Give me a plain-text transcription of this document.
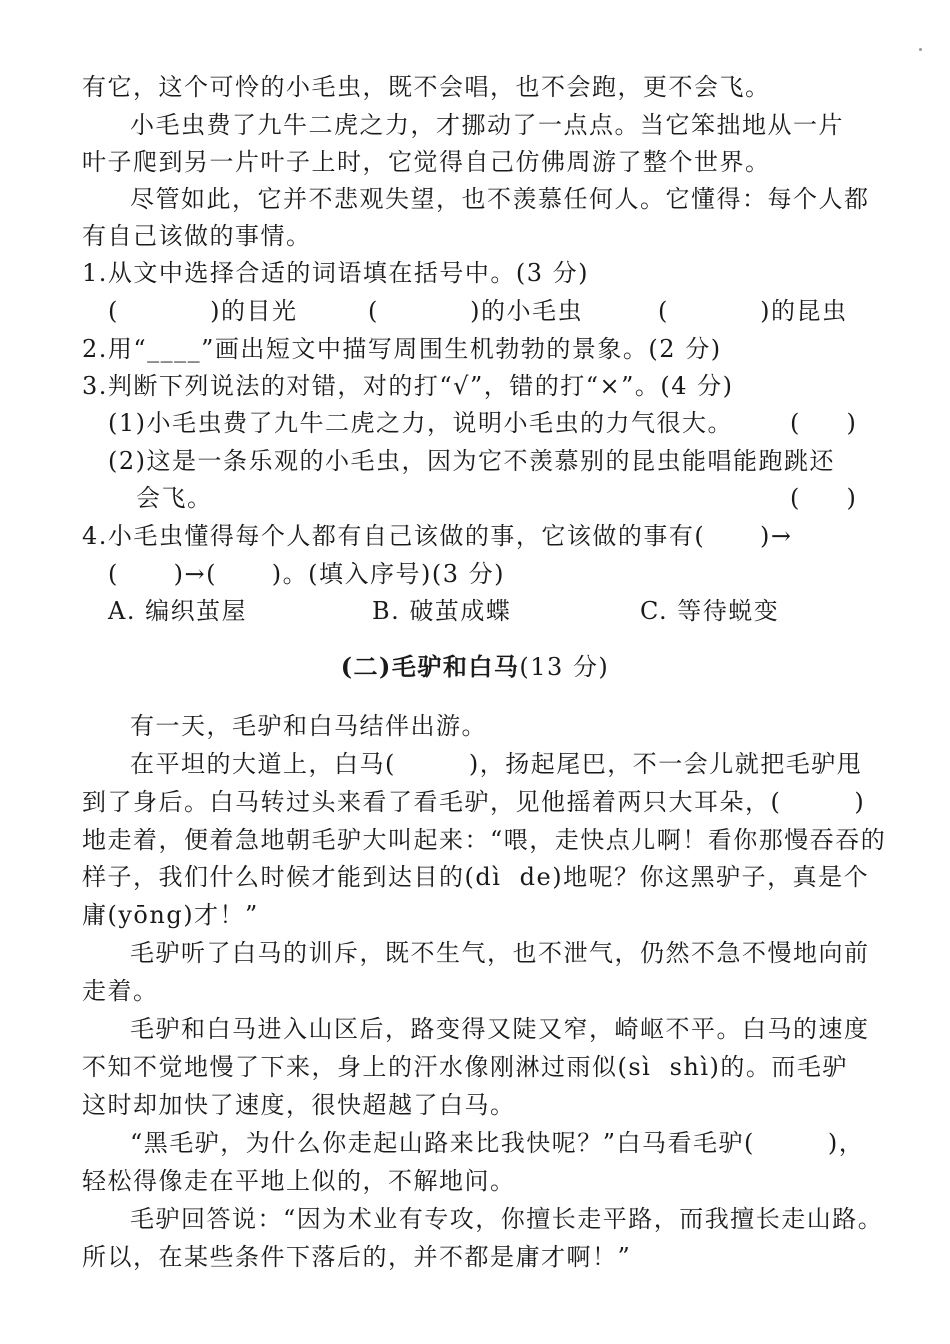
有它，这个可怜的小毛虫，既不会唱，也不会跑，更不会飞。
小毛虫费了九牛二虎之力，才挪动了一点点。当它笨拙地从一片
叶子爬到另一片叶子上时，它觉得自己仿佛周游了整个世界。
尽管如此，它并不悲观失望，也不羡慕任何人。它懂得：每个人都
有自己该做的事情。
1.从文中选择合适的词语填在括号中。(3 分)
(          )的目光	(          )的小毛虫	(          )的昆虫
2.用“____”画出短文中描写周围生机勃勃的景象。(2 分)
3.判断下列说法的对错，对的打“√”，错的打“×”。(4 分)
(1)小毛虫费了九牛二虎之力，说明小毛虫的力气很大。 (     )
(2)这是一条乐观的小毛虫，因为它不羡慕别的昆虫能唱能跑跳还
会飞。	(     )
4.小毛虫懂得每个人都有自己该做的事，它该做的事有(      )→
(      )→(      )。(填入序号)(3 分)
A. 编织茧屋	B. 破茧成蝶	C. 等待蜕变
(二)毛驴和白马(13 分)
有一天，毛驴和白马结伴出游。
在平坦的大道上，白马(        )，扬起尾巴，不一会儿就把毛驴甩
到了身后。白马转过头来看了看毛驴，见他摇着两只大耳朵，(        )
地走着，便着急地朝毛驴大叫起来：“喂，走快点儿啊！看你那慢吞吞的
样子，我们什么时候才能到达目的(dì  de)地呢？你这黑驴子，真是个
庸(yōng)才！”
毛驴听了白马的训斥，既不生气，也不泄气，仍然不急不慢地向前
走着。
毛驴和白马进入山区后，路变得又陡又窄，崎岖不平。白马的速度
不知不觉地慢了下来，身上的汗水像刚淋过雨似(sì  shì)的。而毛驴
这时却加快了速度，很快超越了白马。
“黑毛驴，为什么你走起山路来比我快呢？”白马看毛驴(        )，
轻松得像走在平地上似的，不解地问。
毛驴回答说：“因为术业有专攻，你擅长走平路，而我擅长走山路。
所以，在某些条件下落后的，并不都是庸才啊！”
